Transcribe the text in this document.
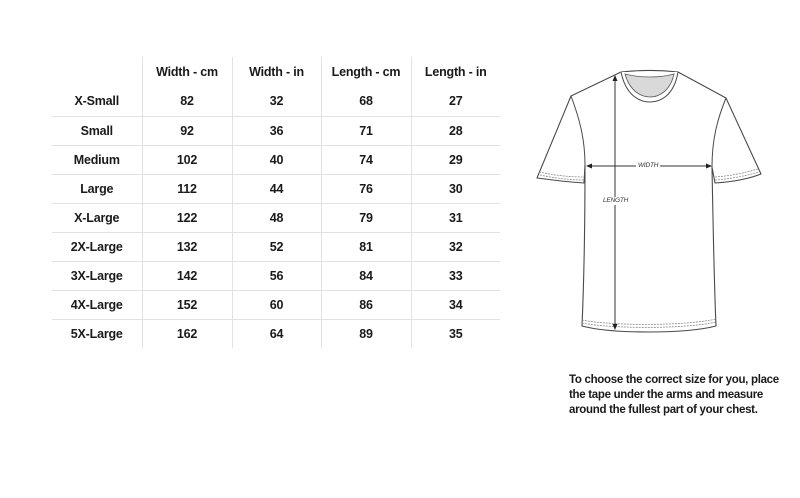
	Width - cm	Width - in	Length - cm	Length - in
X-Small	82	32	68	27
Small	92	36	71	28
Medium	102	40	74	29
Large	112	44	76	30
X-Large	122	48	79	31
2X-Large	132	52	81	32
3X-Large	142	56	84	33
4X-Large	152	60	86	34
5X-Large	162	64	89	35
WIDTH
LENGTH
To choose the correct size for you, place the tape under the arms and measure around the fullest part of your chest.
